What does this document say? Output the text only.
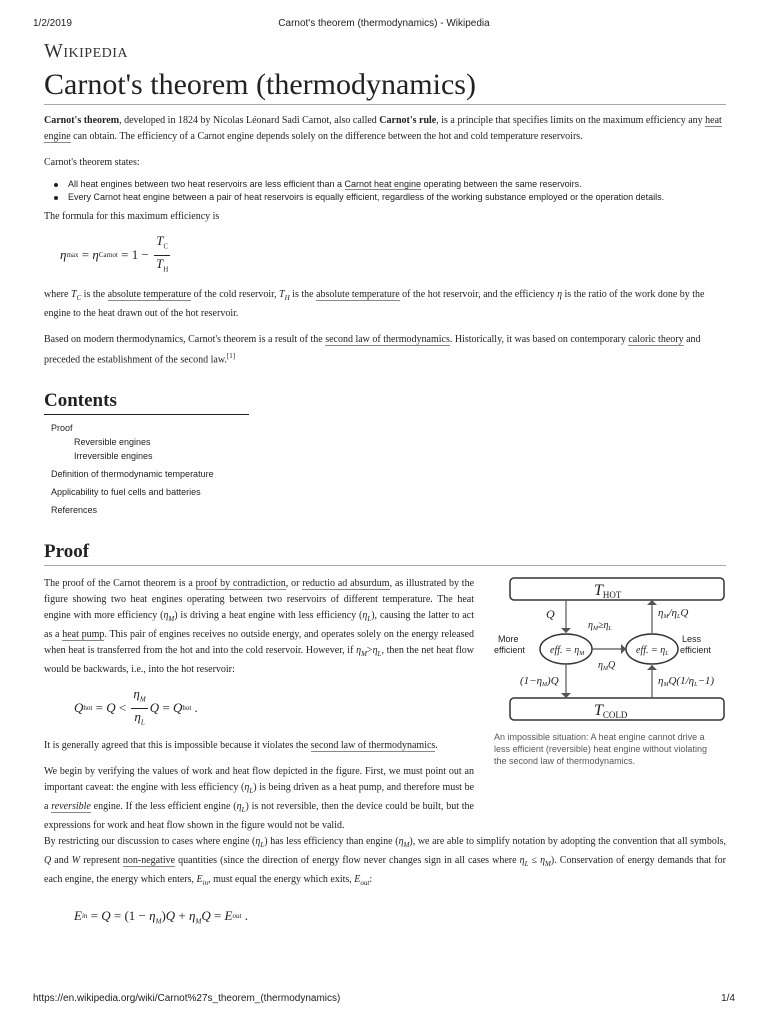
1/2/2019	Carnot's theorem (thermodynamics) - Wikipedia
Wikipedia
Carnot's theorem (thermodynamics)

Carnot's theorem, developed in 1824 by Nicolas Léonard Sadi Carnot, also called Carnot's rule, is a principle that specifies limits on the maximum efficiency any heat engine can obtain. The efficiency of a Carnot engine depends solely on the difference between the hot and cold temperature reservoirs.

Carnot's theorem states:

All heat engines between two heat reservoirs are less efficient than a Carnot heat engine operating between the same reservoirs.
Every Carnot heat engine between a pair of heat reservoirs is equally efficient, regardless of the working substance employed or the operation details.

The formula for this maximum efficiency is

η max = η Carnot = $1 - \frac{T_C}{T_H}$

where $T_C$ is the absolute temperature of the cold reservoir, $T_H$ is the absolute temperature of the hot reservoir, and the efficiency η is the ratio of the work done by the engine to the heat drawn out of the hot reservoir.

Based on modern thermodynamics, Carnot's theorem is a result of the second law of thermodynamics. Historically, it was based on contemporary caloric theory and preceded the establishment of the second law.[1]

Contents
Proof
Reversible engines
Irreversible engines
Definition of thermodynamic temperature
Applicability to fuel cells and batteries
References
Proof

The proof of the Carnot theorem is a proof by contradiction, or reductio ad absurdum, as illustrated by the figure showing two heat engines operating between two reservoirs of different temperature. The heat engine with more efficiency $(\eta_M)$ is driving a heat engine with less efficiency $(\eta_L)$, causing the latter to act as a heat pump. This pair of engines receives no outside energy, and operates solely on the energy released when heat is transferred from the hot and into the cold reservoir. However, if $\eta_M>\eta_L$, then the net heat flow would be backwards, i.e., into the hot reservoir:

Q hot = $Q < \frac{\eta_M}{\eta_L}$ Q = Q hot .

It is generally agreed that this is impossible because it violates the second law of thermodynamics.

We begin by verifying the values of work and heat flow depicted in the figure. First, we must point out an important caveat: the engine with less efficiency $(\eta_L)$ is being driven as a heat pump, and therefore must be a reversible engine. If the less efficient engine $(\eta_L)$ is not reversible, then the device could be built, but the expressions for work and heat flow shown in the figure would not be valid.

THOT
TCOLD
Q
$\eta_M\ge\eta_L$
ηM/ηLQ
eff. = $\eta_M$	eff. = $\eta_L$
$\eta_MQ$
(1−ηM)Q	ηMQ(1/ηL−1)
More
efficient
Less
efficient
An impossible situation: A heat engine cannot drive a less efficient (reversible) heat engine without violating the second law of thermodynamics.

By restricting our discussion to cases where engine $(\eta_L)$ has less efficiency than engine $(\eta_M)$, we are able to simplify notation by adopting the convention that all symbols, Q and W represent non-negative quantities (since the direction of energy flow never changes sign in all cases where $\eta_L \le \eta_M$). Conservation of energy demands that for each engine, the energy which enters, $E_{in}$, must equal the energy which exits, $E_{out}$:

E in = $Q = (1 - \eta_M$ ) $Q + \eta_M$ Q = E out .
https://en.wikipedia.org/wiki/Carnot%27s_theorem_(thermodynamics)	1/4
